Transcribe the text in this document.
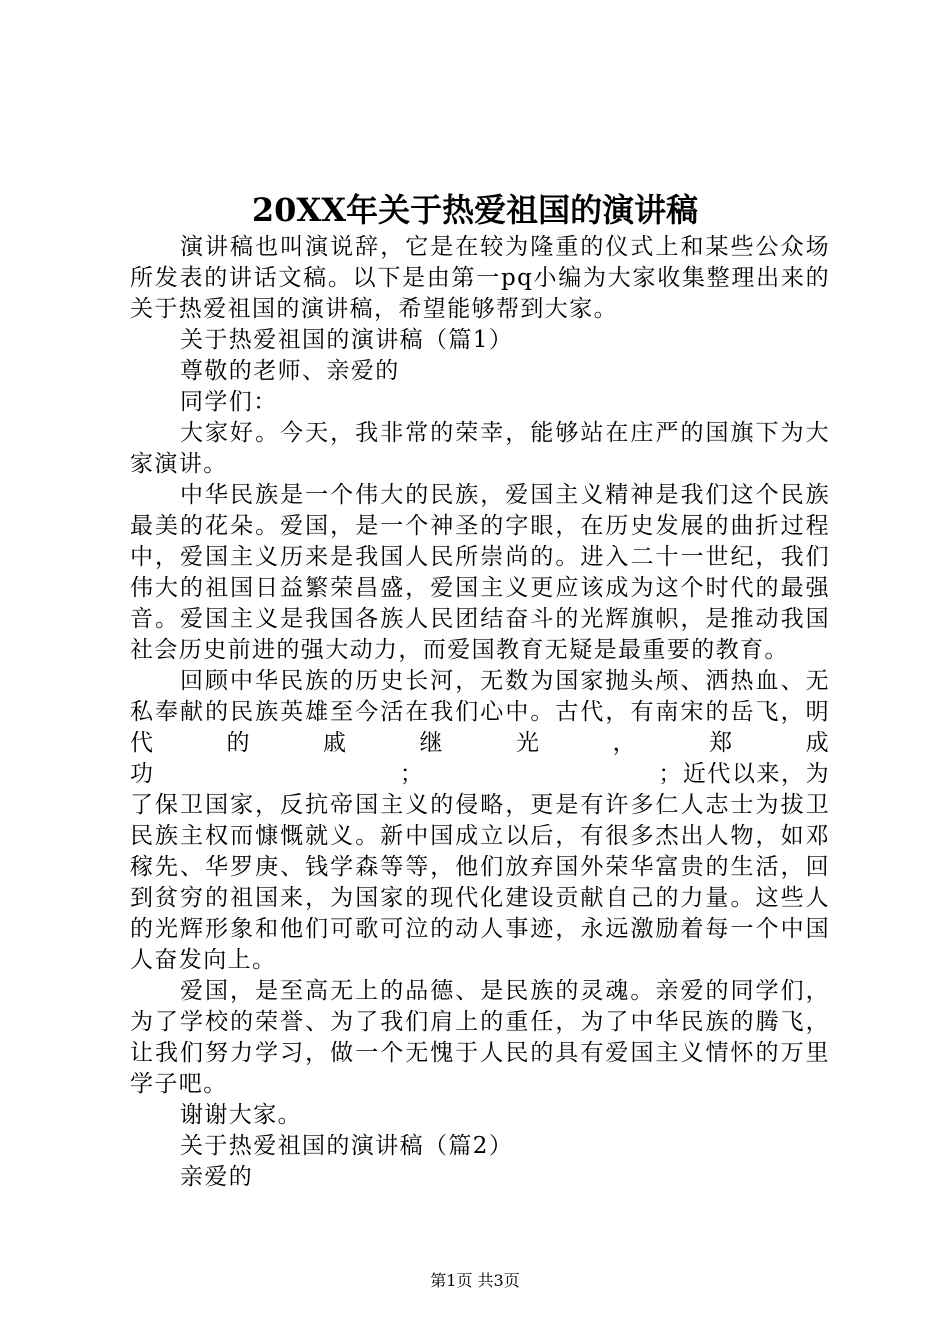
20XX年关于热爱祖国的演讲稿

演讲稿也叫演说辞，它是在较为隆重的仪式上和某些公众场所发表的讲话文稿。以下是由第一pq小编为大家收集整理出来的关于热爱祖国的演讲稿，希望能够帮到大家。

关于热爱祖国的演讲稿（篇1）

尊敬的老师、亲爱的

同学们：

大家好。今天，我非常的荣幸，能够站在庄严的国旗下为大家演讲。

中华民族是一个伟大的民族，爱国主义精神是我们这个民族最美的花朵。爱国，是一个神圣的字眼，在历史发展的曲折过程中，爱国主义历来是我国人民所崇尚的。进入二十一世纪，我们伟大的祖国日益繁荣昌盛，爱国主义更应该成为这个时代的最强音。爱国主义是我国各族人民团结奋斗的光辉旗帜，是推动我国社会历史前进的强大动力，而爱国教育无疑是最重要的教育。

回顾中华民族的历史长河，无数为国家抛头颅、洒热血、无私奉献的民族英雄至今活在我们心中。古代，有南宋的岳飞，明代的戚继光，郑成功　　　　　　　　　　；　　　　　　　　　　；近代以来，为了保卫国家，反抗帝国主义的侵略，更是有许多仁人志士为拔卫民族主权而慷慨就义。新中国成立以后，有很多杰出人物，如邓稼先、华罗庚、钱学森等等，他们放弃国外荣华富贵的生活，回到贫穷的祖国来，为国家的现代化建设贡献自己的力量。这些人的光辉形象和他们可歌可泣的动人事迹，永远激励着每一个中国人奋发向上。

爱国，是至高无上的品德、是民族的灵魂。亲爱的同学们，为了学校的荣誉、为了我们肩上的重任，为了中华民族的腾飞，让我们努力学习，做一个无愧于人民的具有爱国主义情怀的万里学子吧。

谢谢大家。

关于热爱祖国的演讲稿（篇2）

亲爱的

第1页 共3页
